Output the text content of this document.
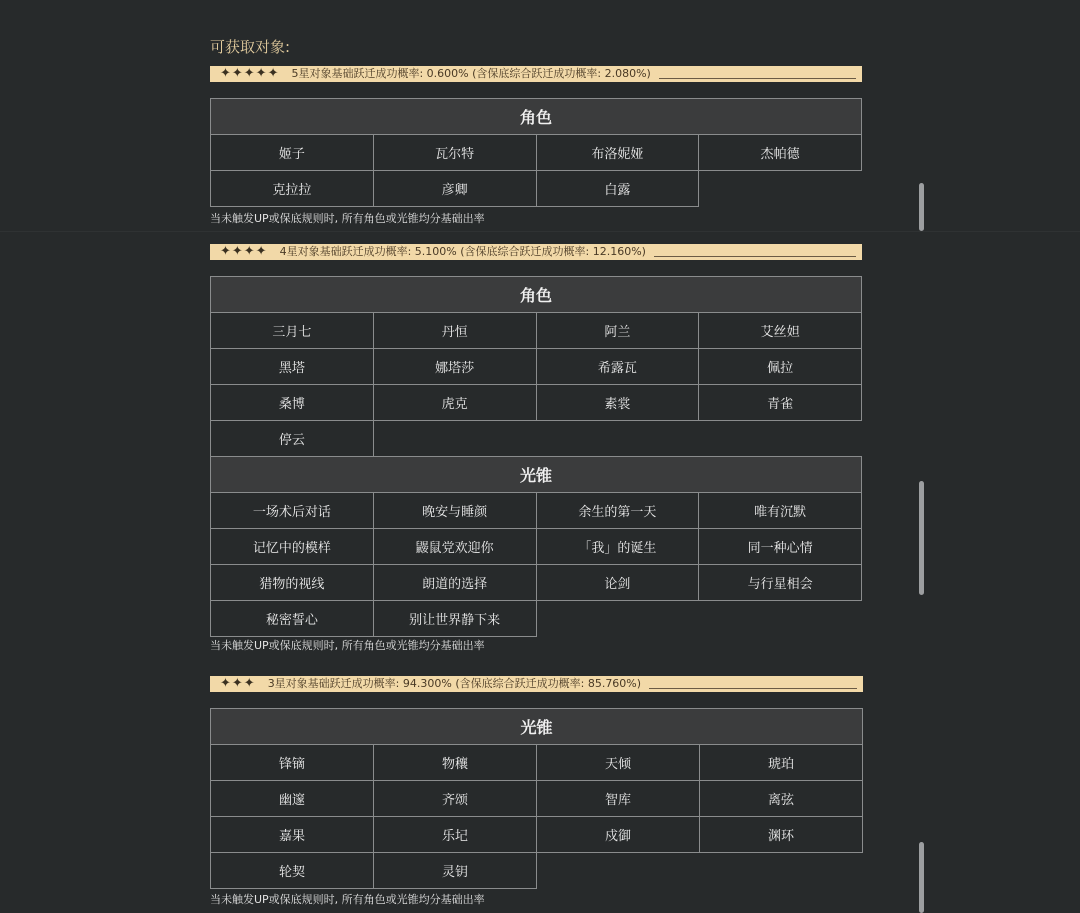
可获取对象:
✦✦✦✦✦ 5星对象基础跃迁成功概率: 0.600% (含保底综合跃迁成功概率: 2.080%)
角色			
姬子	瓦尔特	布洛妮娅	杰帕德
克拉拉	彦卿	白露	
当未触发UP或保底规则时, 所有角色或光锥均分基础出率
✦✦✦✦ 4星对象基础跃迁成功概率: 5.100% (含保底综合跃迁成功概率: 12.160%)
角色			
三月七	丹恒	阿兰	艾丝妲
黑塔	娜塔莎	希露瓦	佩拉
桑博	虎克	素裳	青雀
停云			
光锥			
一场术后对话	晚安与睡颜	余生的第一天	唯有沉默
记忆中的模样	鼹鼠党欢迎你	「我」的诞生	同一种心情
猎物的视线	朗道的选择	论剑	与行星相会
秘密誓心	别让世界静下来		
当未触发UP或保底规则时, 所有角色或光锥均分基础出率
✦✦✦ 3星对象基础跃迁成功概率: 94.300% (含保底综合跃迁成功概率: 85.760%)
光锥			
锋镝	物穰	天倾	琥珀
幽邃	齐颂	智库	离弦
嘉果	乐圮	戍御	渊环
轮契	灵钥		
当未触发UP或保底规则时, 所有角色或光锥均分基础出率
